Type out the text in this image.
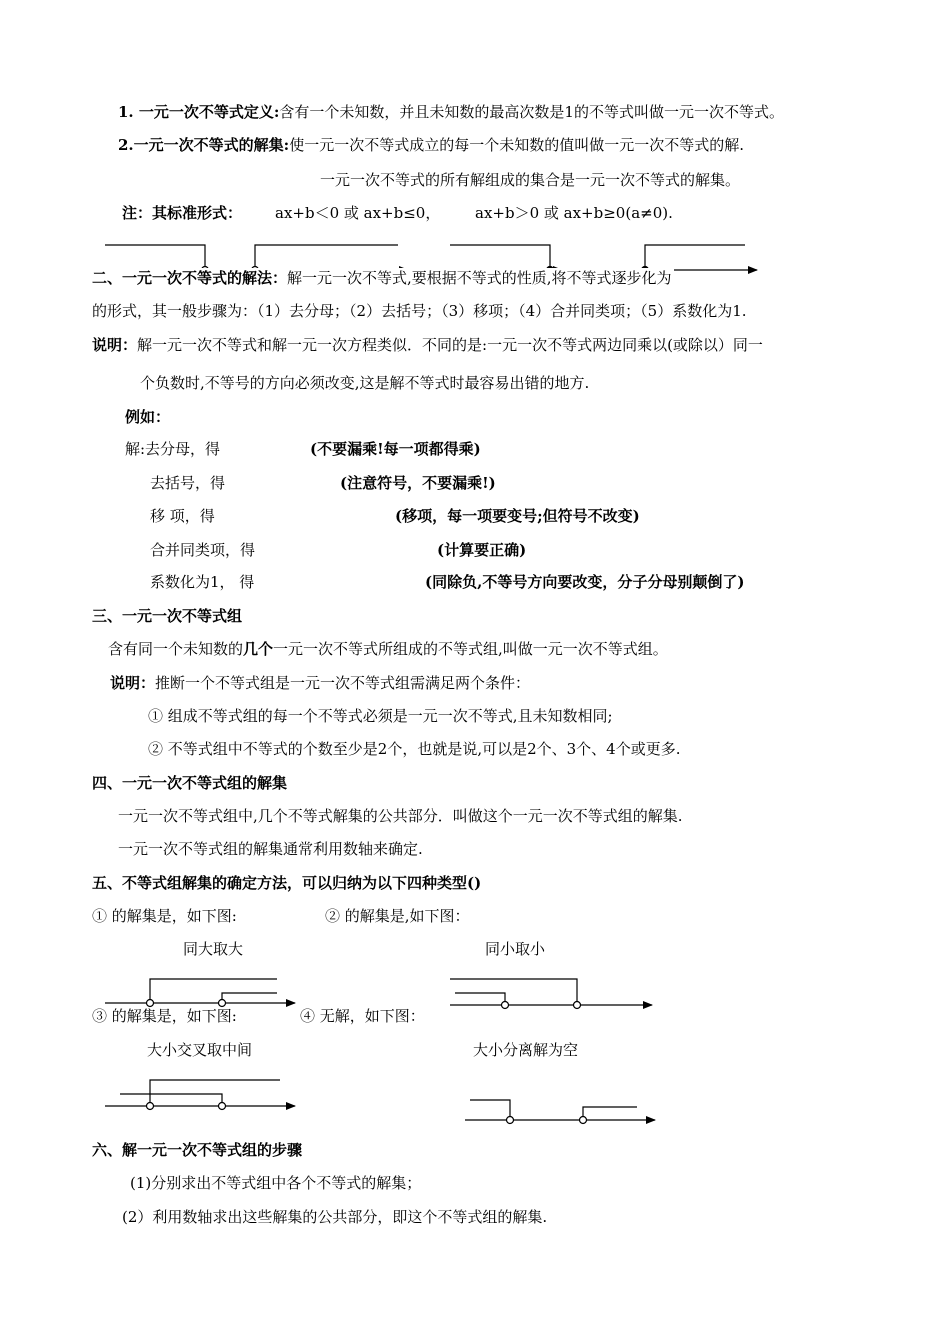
1. 一元一次不等式定义:含有一个未知数，并且未知数的最高次数是1的不等式叫做一元一次不等式。
2.一元一次不等式的解集:使一元一次不等式成立的每一个未知数的值叫做一元一次不等式的解.
一元一次不等式的所有解组成的集合是一元一次不等式的解集。
注：其标准形式： ax+b＜0 或 ax+b≤0， ax+b＞0 或 ax+b≥0(a≠0).
二、一元一次不等式的解法：解一元一次不等式,要根据不等式的性质,将不等式逐步化为
的形式，其一般步骤为：（1）去分母；（2）去括号；（3）移项；（4）合并同类项；（5）系数化为1.
说明：解一元一次不等式和解一元一次方程类似．不同的是:一元一次不等式两边同乘以(或除以）同一
个负数时,不等号的方向必须改变,这是解不等式时最容易出错的地方.
例如：
解:去分母，得	(不要漏乘!每一项都得乘)
去括号，得	(注意符号，不要漏乘!)
移 项，得	(移项，每一项要变号;但符号不改变)
合并同类项，得	(计算要正确)
系数化为1， 得	(同除负,不等号方向要改变，分子分母别颠倒了)
三、一元一次不等式组
含有同一个未知数的几个一元一次不等式所组成的不等式组,叫做一元一次不等式组。
说明：推断一个不等式组是一元一次不等式组需满足两个条件：
① 组成不等式组的每一个不等式必须是一元一次不等式,且未知数相同;
② 不等式组中不等式的个数至少是2个，也就是说,可以是2个、3个、4个或更多.
四、一元一次不等式组的解集
一元一次不等式组中,几个不等式解集的公共部分．叫做这个一元一次不等式组的解集.
一元一次不等式组的解集通常利用数轴来确定.
五、不等式组解集的确定方法，可以归纳为以下四种类型()
① 的解集是，如下图:	② 的解集是,如下图：
同大取大	同小取小
③ 的解集是，如下图:	④ 无解，如下图：
大小交叉取中间	大小分离解为空
六、解一元一次不等式组的步骤
(1)分别求出不等式组中各个不等式的解集；
(2）利用数轴求出这些解集的公共部分，即这个不等式组的解集.
